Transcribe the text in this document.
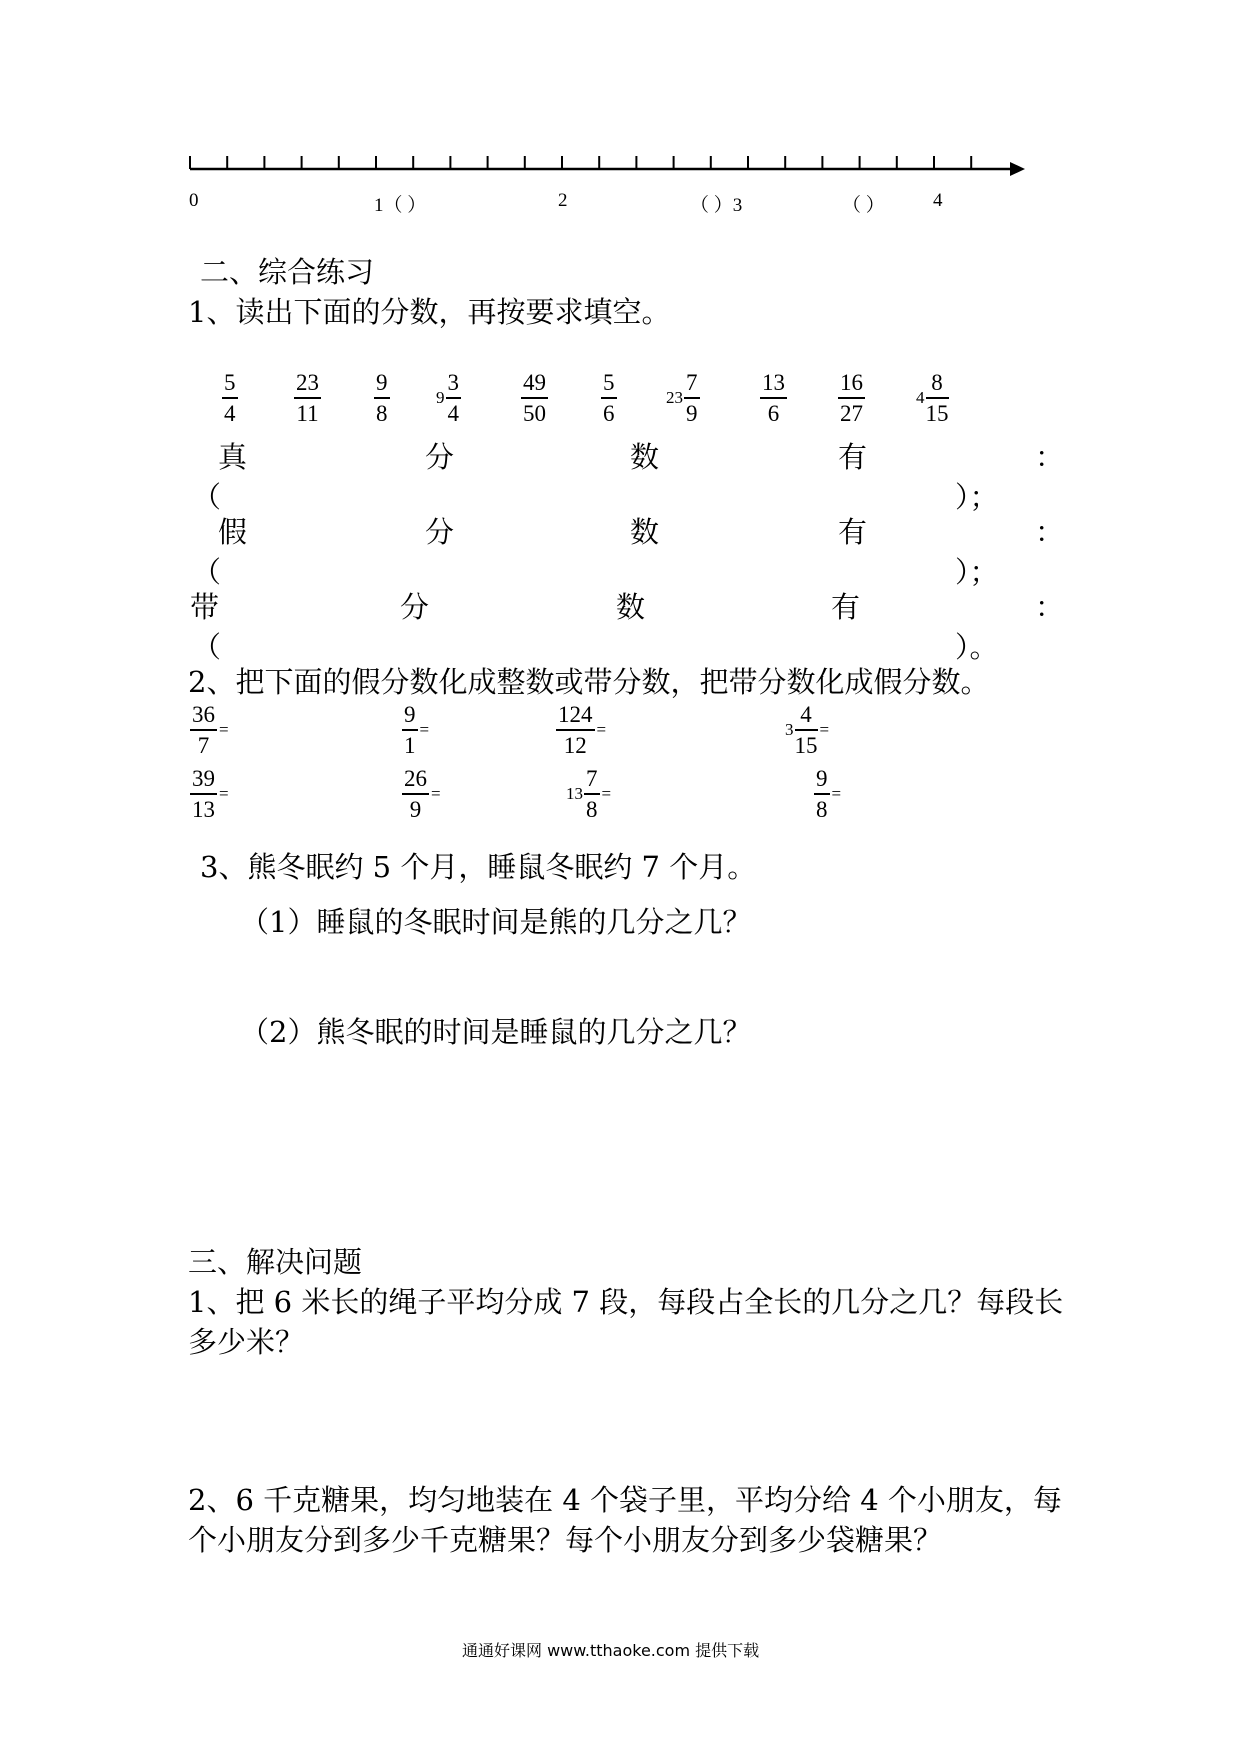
0	1（ ）	2	（ ）3	（ ）	4
二、综合练习
1、读出下面的分数，再按要求填空。
5
4
23
11
9
8
$9 \frac{3}{4}$	49
50
5
6
$23 \frac{7}{9}$	13
6
16
27
$4 \frac{8}{15}$
真	分	数	有	：
（	）；
假	分	数	有	：
（	）；
带	分	数	有	：
（	）。
2、把下面的假分数化成整数或带分数，把带分数化成假分数。
$\frac{36}{7}$ =	$\frac{9}{1}$ =	$\frac{124}{12}$ =	$3 \frac{4}{15}$ =
$\frac{39}{13}$ =	$\frac{26}{9}$ =	$13 \frac{7}{8}$ =	$\frac{9}{8}$ =
3、熊冬眠约 5 个月，睡鼠冬眠约 7 个月。
（1）睡鼠的冬眠时间是熊的几分之几？
（2）熊冬眠的时间是睡鼠的几分之几？
三、解决问题
1、把 6 米长的绳子平均分成 7 段，每段占全长的几分之几？每段长
多少米？
2、6 千克糖果，均匀地装在 4 个袋子里，平均分给 4 个小朋友，每
个小朋友分到多少千克糖果？每个小朋友分到多少袋糖果？
通通好课网 www.tthaoke.com 提供下载
